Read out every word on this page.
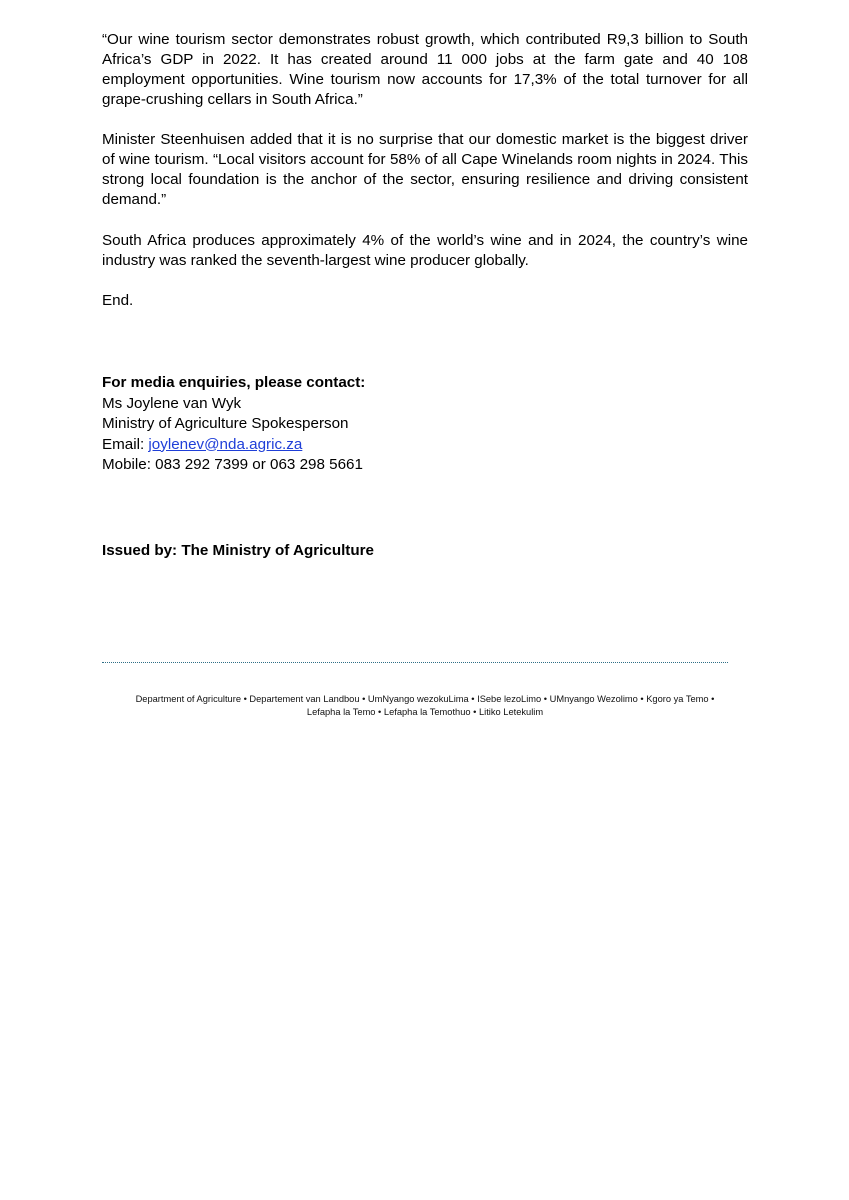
“Our wine tourism sector demonstrates robust growth, which contributed R9,3 billion to South Africa’s GDP in 2022. It has created around 11 000 jobs at the farm gate and 40 108 employment opportunities. Wine tourism now accounts for 17,3% of the total turnover for all grape-crushing cellars in South Africa.”

Minister Steenhuisen added that it is no surprise that our domestic market is the biggest driver of wine tourism. “Local visitors account for 58% of all Cape Winelands room nights in 2024. This strong local foundation is the anchor of the sector, ensuring resilience and driving consistent demand.”

South Africa produces approximately 4% of the world’s wine and in 2024, the country’s wine industry was ranked the seventh-largest wine producer globally.

End.

For media enquiries, please contact:
Ms Joylene van Wyk
Ministry of Agriculture Spokesperson
Email: joylenev@nda.agric.za
Mobile: 083 292 7399 or 063 298 5661
Issued by: The Ministry of Agriculture
Department of Agriculture • Departement van Landbou • UmNyango wezokuLima • ISebe lezoLimo • UMnyango Wezolimo • Kgoro ya Temo •
Lefapha la Temo • Lefapha la Temothuo • Litiko Letekulim
